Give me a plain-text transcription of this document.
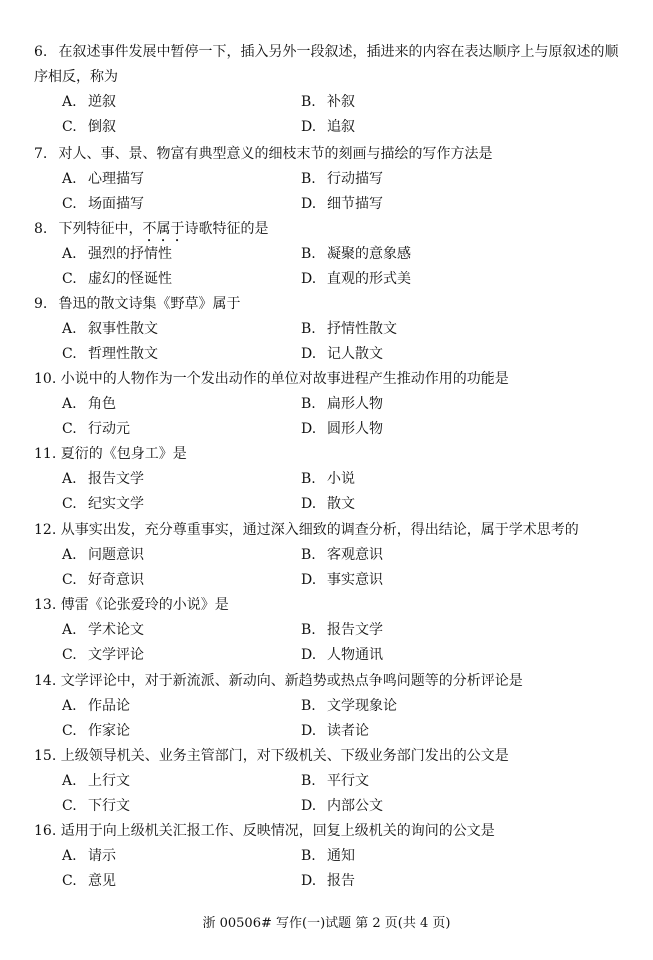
6. 在叙述事件发展中暂停一下，插入另外一段叙述，插进来的内容在表达顺序上与原叙述的顺序相反，称为
A. 逆叙	B. 补叙
C. 倒叙	D. 追叙
7. 对人、事、景、物富有典型意义的细枝末节的刻画与描绘的写作方法是
A. 心理描写	B. 行动描写
C. 场面描写	D. 细节描写
8. 下列特征中，不属于诗歌特征的是
A. 强烈的抒情性	B. 凝聚的意象感
C. 虚幻的怪诞性	D. 直观的形式美
9. 鲁迅的散文诗集《野草》属于
A. 叙事性散文	B. 抒情性散文
C. 哲理性散文	D. 记人散文
10. 小说中的人物作为一个发出动作的单位对故事进程产生推动作用的功能是
A. 角色	B. 扁形人物
C. 行动元	D. 圆形人物
11. 夏衍的《包身工》是
A. 报告文学	B. 小说
C. 纪实文学	D. 散文
12. 从事实出发，充分尊重事实，通过深入细致的调查分析，得出结论，属于学术思考的
A. 问题意识	B. 客观意识
C. 好奇意识	D. 事实意识
13. 傅雷《论张爱玲的小说》是
A. 学术论文	B. 报告文学
C. 文学评论	D. 人物通讯
14. 文学评论中，对于新流派、新动向、新趋势或热点争鸣问题等的分析评论是
A. 作品论	B. 文学现象论
C. 作家论	D. 读者论
15. 上级领导机关、业务主管部门，对下级机关、下级业务部门发出的公文是
A. 上行文	B. 平行文
C. 下行文	D. 内部公文
16. 适用于向上级机关汇报工作、反映情况，回复上级机关的询问的公文是
A. 请示	B. 通知
C. 意见	D. 报告
浙 00506# 写作(一)试题 第 2 页(共 4 页)
